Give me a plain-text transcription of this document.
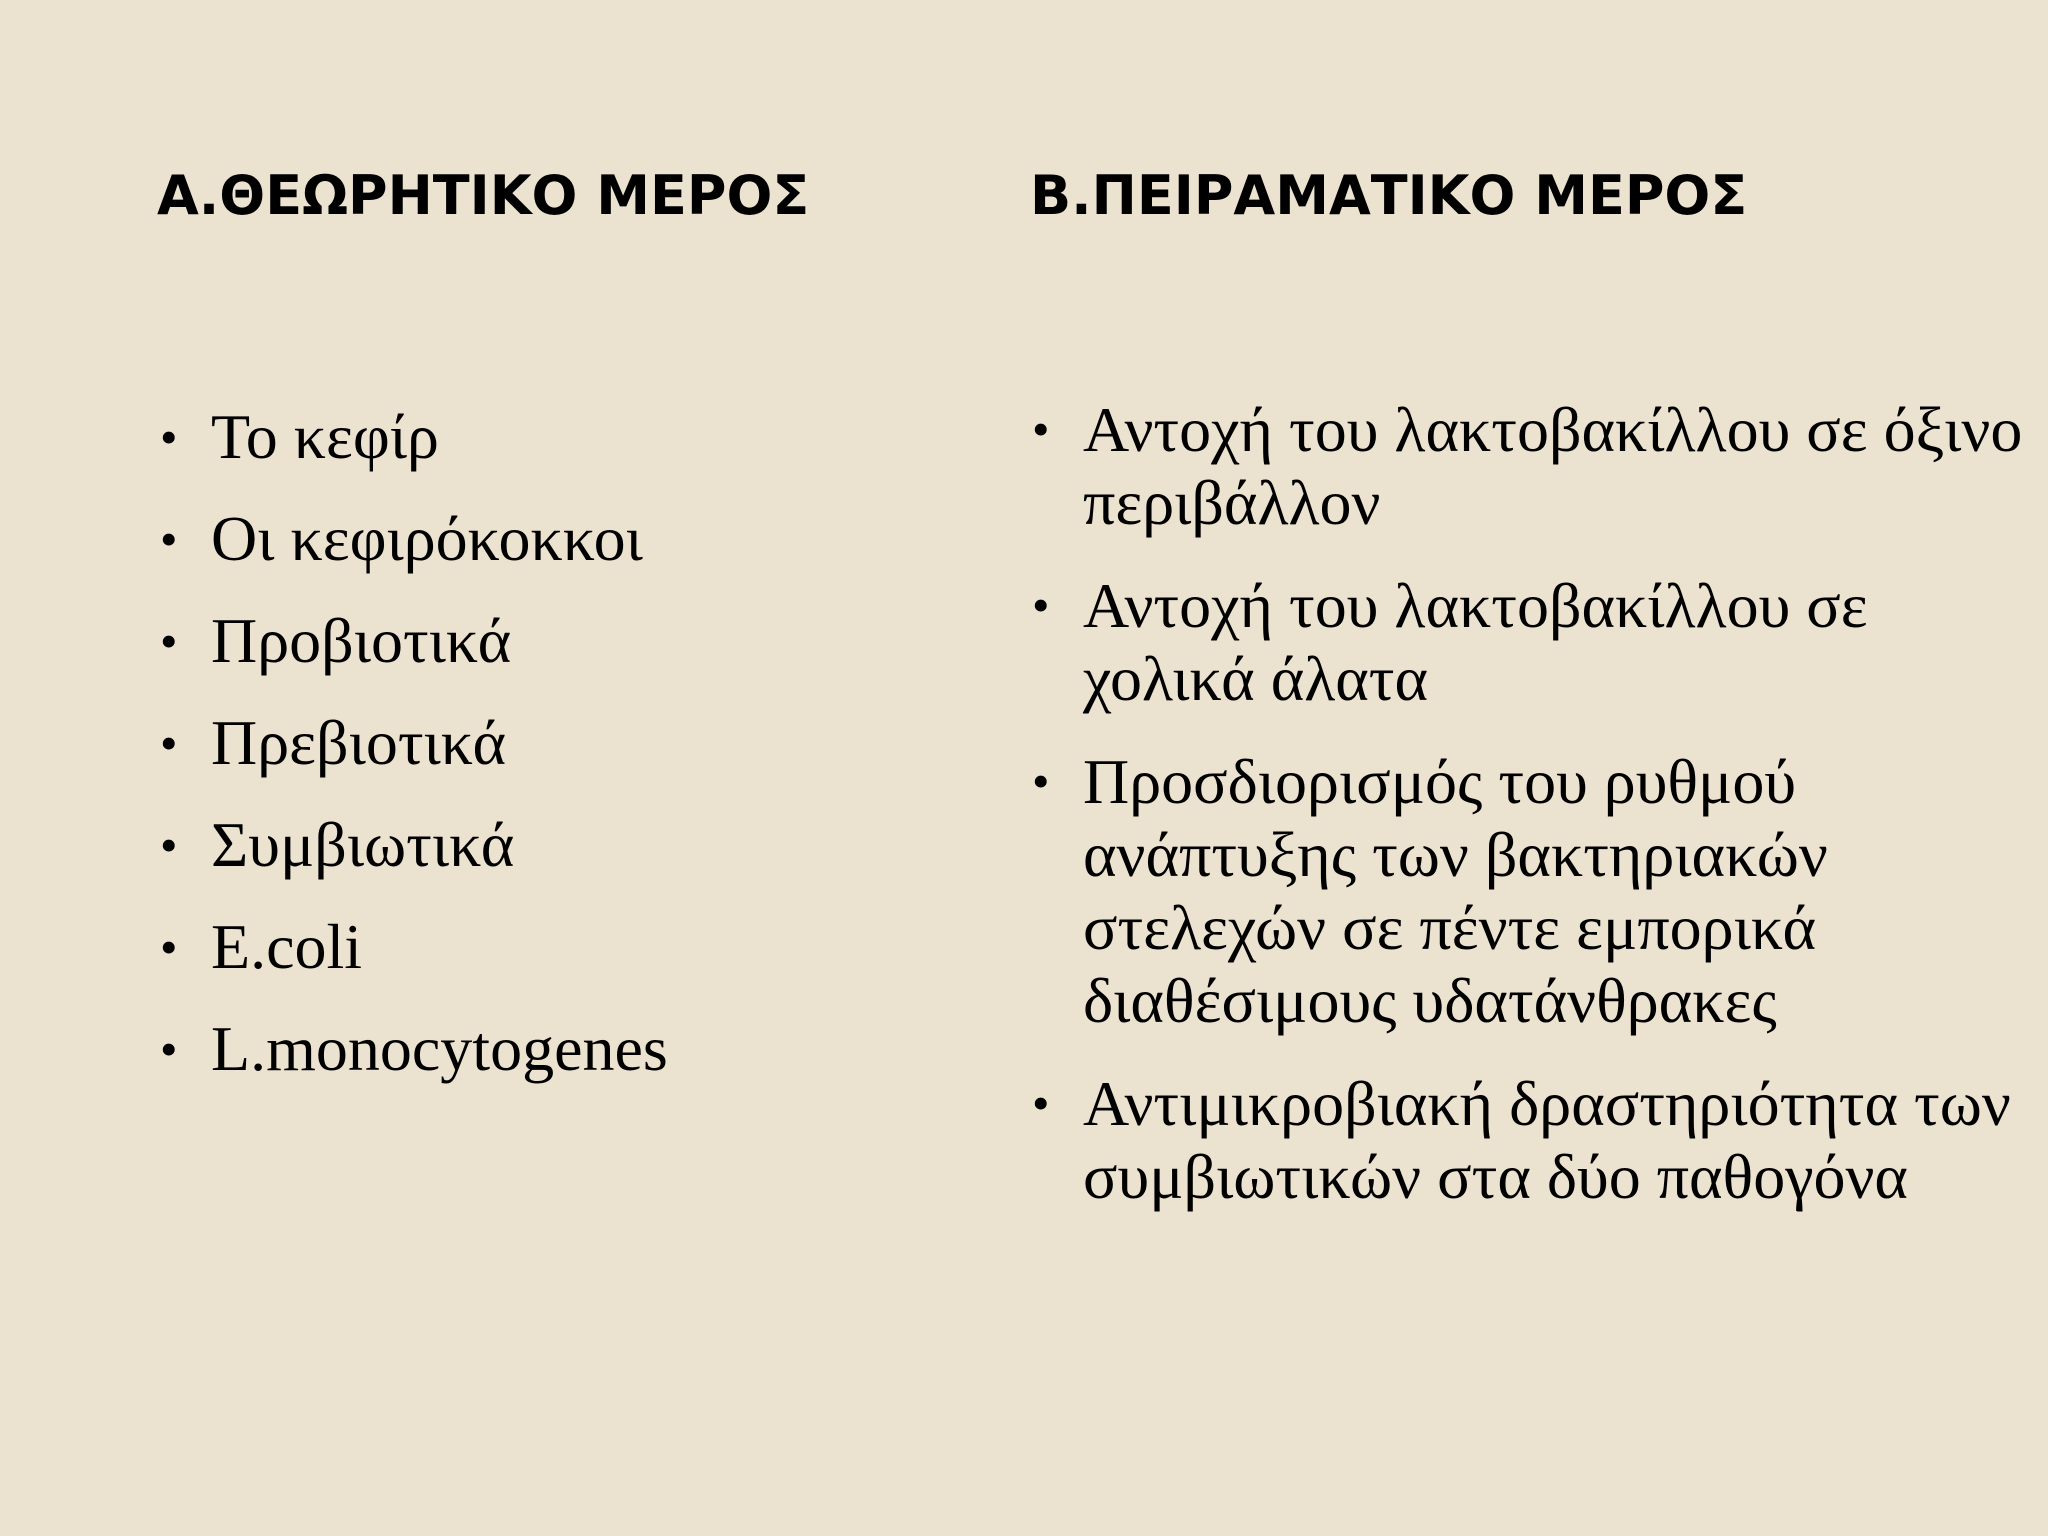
Α.ΘΕΩΡΗΤΙΚΟ ΜΕΡΟΣ	Β.ΠΕΙΡΑΜΑΤΙΚΟ ΜΕΡΟΣ
• Το κεφίρ
• Οι κεφιρόκοκκοι
• Προβιοτικά
• Πρεβιοτικά
• Συμβιωτικά
• E.coli
• L.monocytogenes
• Αντοχή του λακτοβακίλλου σε όξινο περιβάλλον
• Αντοχή του λακτοβακίλλου σε χολικά άλατα
• Προσδιορισμός του ρυθμού ανάπτυξης των βακτηριακών στελεχών σε πέντε εμπορικά διαθέσιμους υδατάνθρακες
• Αντιμικροβιακή δραστηριότητα των συμβιωτικών στα δύο παθογόνα
